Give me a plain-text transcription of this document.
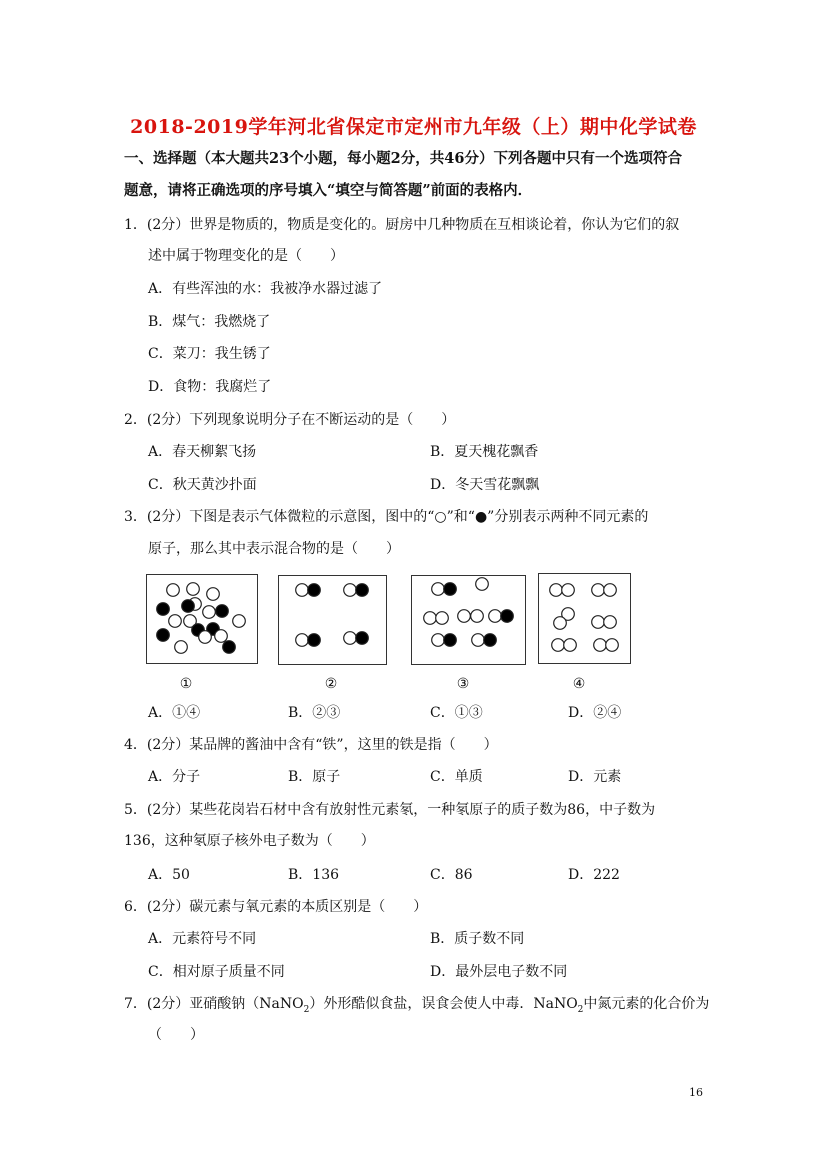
2018-2019学年河北省保定市定州市九年级（上）期中化学试卷
一、选择题（本大题共23个小题，每小题2分，共46分）下列各题中只有一个选项符合
题意，请将正确选项的序号填入“填空与简答题”前面的表格内．
1．(2分）世界是物质的，物质是变化的。厨房中几种物质在互相谈论着，你认为它们的叙
述中属于物理变化的是（　　）
A．有些浑浊的水：我被净水器过滤了
B．煤气：我燃烧了
C．菜刀：我生锈了
D．食物：我腐烂了
2．(2分）下列现象说明分子在不断运动的是（　　）
A．春天柳絮飞扬	B．夏天槐花飘香
C．秋天黄沙扑面	D．冬天雪花飘飘
3．(2分）下图是表示气体微粒的示意图，图中的“○”和“●”分别表示两种不同元素的
原子，那么其中表示混合物的是（　　）
①	②	③	④
A．①④	B．②③	C．①③	D．②④
4．(2分）某品牌的酱油中含有“铁”，这里的铁是指（　　）
A．分子	B．原子	C．单质	D．元素
5．(2分）某些花岗岩石材中含有放射性元素氡，一种氡原子的质子数为86，中子数为
136，这种氡原子核外电子数为（　　）
A．50	B．136	C．86	D．222
6．(2分）碳元素与氧元素的本质区别是（　　）
A．元素符号不同	B．质子数不同
C．相对原子质量不同	D．最外层电子数不同
7．(2分）亚硝酸钠（NaNO$_2$）外形酷似食盐，误食会使人中毒．NaNO$_2$中氮元素的化合价为
（　　）
16
